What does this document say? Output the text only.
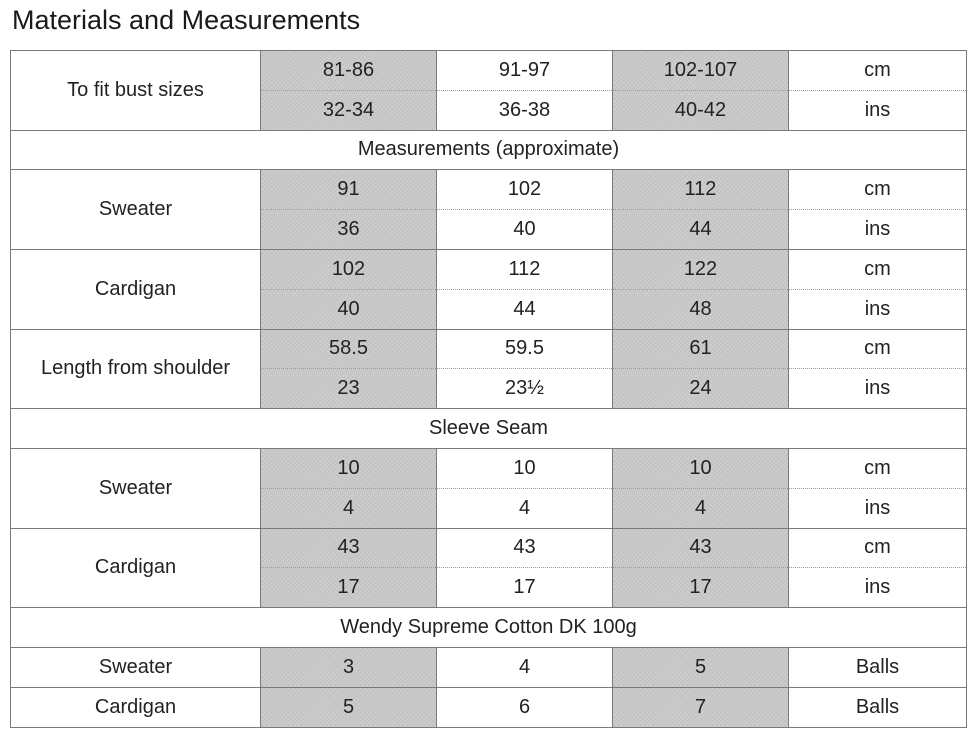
Materials and Measurements
To fit bust sizes	81-86	91-97	102-107	cm
	32-34	36-38	40-42	ins
Measurements (approximate)				
Sweater	91	102	112	cm
	36	40	44	ins
Cardigan	102	112	122	cm
	40	44	48	ins
Length from shoulder	58.5	59.5	61	cm
	23	23½	24	ins
Sleeve Seam				
Sweater	10	10	10	cm
	4	4	4	ins
Cardigan	43	43	43	cm
	17	17	17	ins
Wendy Supreme Cotton DK 100g				
Sweater	3	4	5	Balls
Cardigan	5	6	7	Balls
